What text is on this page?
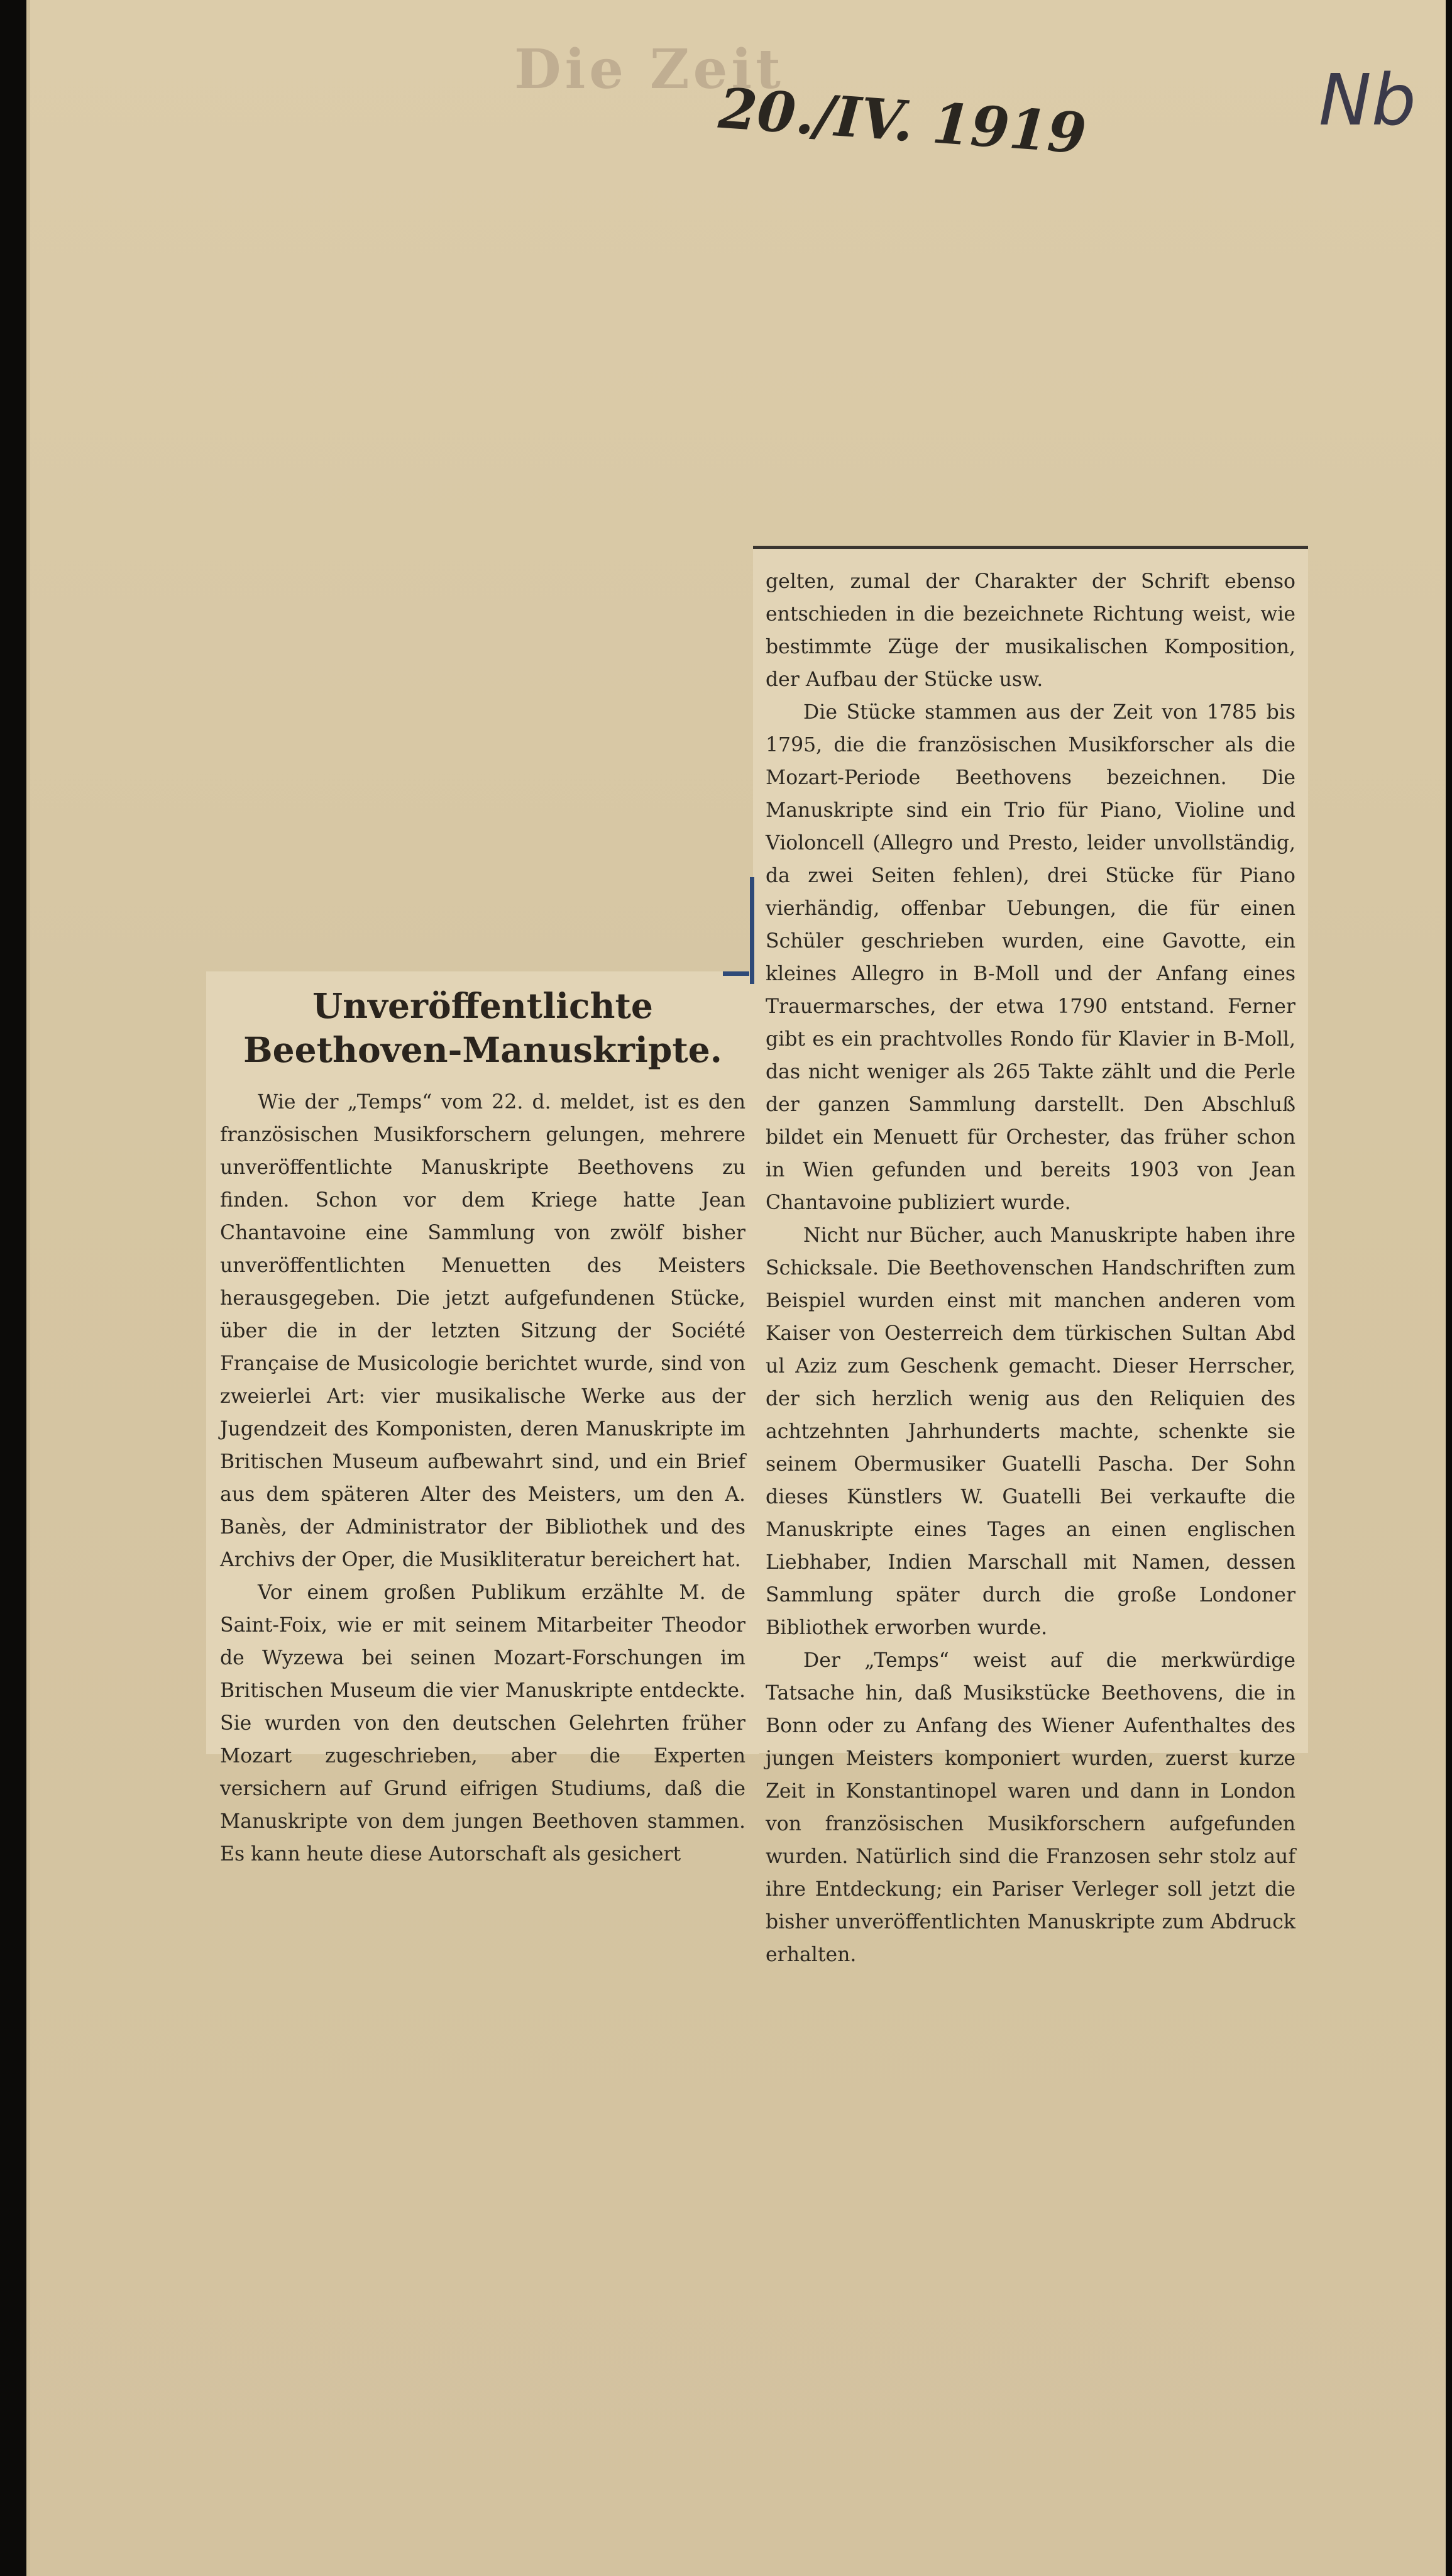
Die Zeit
20./IV. 1919	Nb
Unveröffentlichte Beethoven-Manuskripte.

Wie der „Temps“ vom 22. d. meldet, ist es den französischen Musikforschern gelungen, mehrere unveröffentlichte Manuskripte Beethovens zu finden. Schon vor dem Kriege hatte Jean Chantavoine eine Sammlung von zwölf bisher unveröffentlichten Menuetten des Meisters herausgegeben. Die jetzt aufgefundenen Stücke, über die in der letzten Sitzung der Société Française de Musicologie berichtet wurde, sind von zweierlei Art: vier musikalische Werke aus der Jugendzeit des Komponisten, deren Manuskripte im Britischen Museum aufbewahrt sind, und ein Brief aus dem späteren Alter des Meisters, um den A. Banès, der Administrator der Bibliothek und des Archivs der Oper, die Musikliteratur bereichert hat.

Vor einem großen Publikum erzählte M. de Saint-Foix, wie er mit seinem Mitarbeiter Theodor de Wyzewa bei seinen Mozart-Forschungen im Britischen Museum die vier Manuskripte entdeckte. Sie wurden von den deutschen Gelehrten früher Mozart zugeschrieben, aber die Experten versichern auf Grund eifrigen Studiums, daß die Manuskripte von dem jungen Beethoven stammen. Es kann heute diese Autorschaft als gesichert

gelten, zumal der Charakter der Schrift ebenso entschieden in die bezeichnete Richtung weist, wie bestimmte Züge der musikalischen Komposition, der Aufbau der Stücke usw.

Die Stücke stammen aus der Zeit von 1785 bis 1795, die die französischen Musikforscher als die Mozart-Periode Beethovens bezeichnen. Die Manuskripte sind ein Trio für Piano, Violine und Violoncell (Allegro und Presto, leider unvollständig, da zwei Seiten fehlen), drei Stücke für Piano vierhändig, offenbar Uebungen, die für einen Schüler geschrieben wurden, eine Gavotte, ein kleines Allegro in B-Moll und der Anfang eines Trauermarsches, der etwa 1790 entstand. Ferner gibt es ein prachtvolles Rondo für Klavier in B-Moll, das nicht weniger als 265 Takte zählt und die Perle der ganzen Sammlung darstellt. Den Abschluß bildet ein Menuett für Orchester, das früher schon in Wien gefunden und bereits 1903 von Jean Chantavoine publiziert wurde.

Nicht nur Bücher, auch Manuskripte haben ihre Schicksale. Die Beethovenschen Handschriften zum Beispiel wurden einst mit manchen anderen vom Kaiser von Oesterreich dem türkischen Sultan Abd ul Aziz zum Geschenk gemacht. Dieser Herrscher, der sich herzlich wenig aus den Reliquien des achtzehnten Jahrhunderts machte, schenkte sie seinem Obermusiker Guatelli Pascha. Der Sohn dieses Künstlers W. Guatelli Bei verkaufte die Manuskripte eines Tages an einen englischen Liebhaber, Indien Marschall mit Namen, dessen Sammlung später durch die große Londoner Bibliothek erworben wurde.

Der „Temps“ weist auf die merkwürdige Tatsache hin, daß Musikstücke Beethovens, die in Bonn oder zu Anfang des Wiener Aufenthaltes des jungen Meisters komponiert wurden, zuerst kurze Zeit in Konstantinopel waren und dann in London von französischen Musikforschern aufgefunden wurden. Natürlich sind die Franzosen sehr stolz auf ihre Entdeckung; ein Pariser Verleger soll jetzt die bisher unveröffentlichten Manuskripte zum Abdruck erhalten.
